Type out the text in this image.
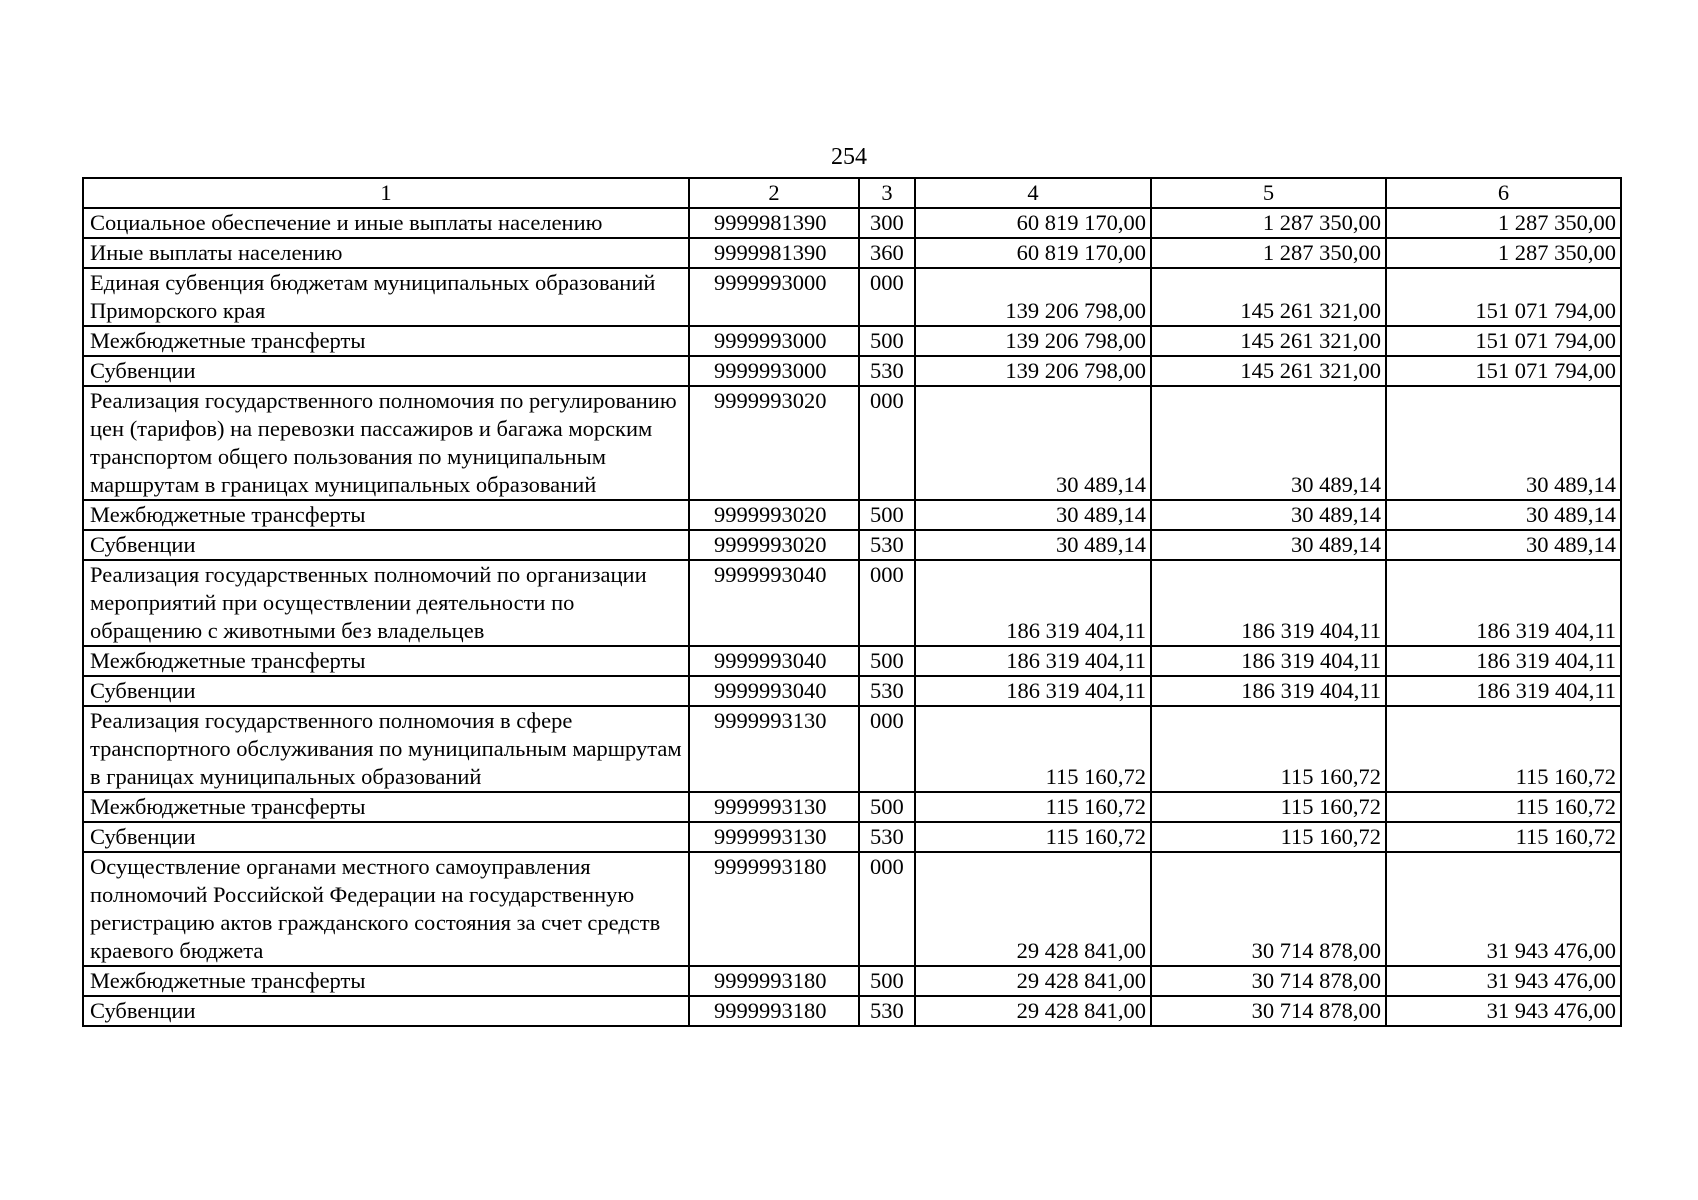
254
1	2	3	4	5	6
Социальное обеспечение и иные выплаты населению	9999981390	300	60 819 170,00	1 287 350,00	1 287 350,00
Иные выплаты населению	9999981390	360	60 819 170,00	1 287 350,00	1 287 350,00
Единая субвенция бюджетам муниципальных образований Приморского края	9999993000	000	139 206 798,00	145 261 321,00	151 071 794,00
Межбюджетные трансферты	9999993000	500	139 206 798,00	145 261 321,00	151 071 794,00
Субвенции	9999993000	530	139 206 798,00	145 261 321,00	151 071 794,00
Реализация государственного полномочия по регулированию цен (тарифов) на перевозки пассажиров и багажа морским транспортом общего пользования по муниципальным маршрутам в границах муниципальных образований	9999993020	000	30 489,14	30 489,14	30 489,14
Межбюджетные трансферты	9999993020	500	30 489,14	30 489,14	30 489,14
Субвенции	9999993020	530	30 489,14	30 489,14	30 489,14
Реализация государственных полномочий по организации мероприятий при осуществлении деятельности по обращению с животными без владельцев	9999993040	000	186 319 404,11	186 319 404,11	186 319 404,11
Межбюджетные трансферты	9999993040	500	186 319 404,11	186 319 404,11	186 319 404,11
Субвенции	9999993040	530	186 319 404,11	186 319 404,11	186 319 404,11
Реализация государственного полномочия в сфере транспортного обслуживания по муниципальным маршрутам в границах муниципальных образований	9999993130	000	115 160,72	115 160,72	115 160,72
Межбюджетные трансферты	9999993130	500	115 160,72	115 160,72	115 160,72
Субвенции	9999993130	530	115 160,72	115 160,72	115 160,72
Осуществление органами местного самоуправления полномочий Российской Федерации на государственную регистрацию актов гражданского состояния за счет средств краевого бюджета	9999993180	000	29 428 841,00	30 714 878,00	31 943 476,00
Межбюджетные трансферты	9999993180	500	29 428 841,00	30 714 878,00	31 943 476,00
Субвенции	9999993180	530	29 428 841,00	30 714 878,00	31 943 476,00
